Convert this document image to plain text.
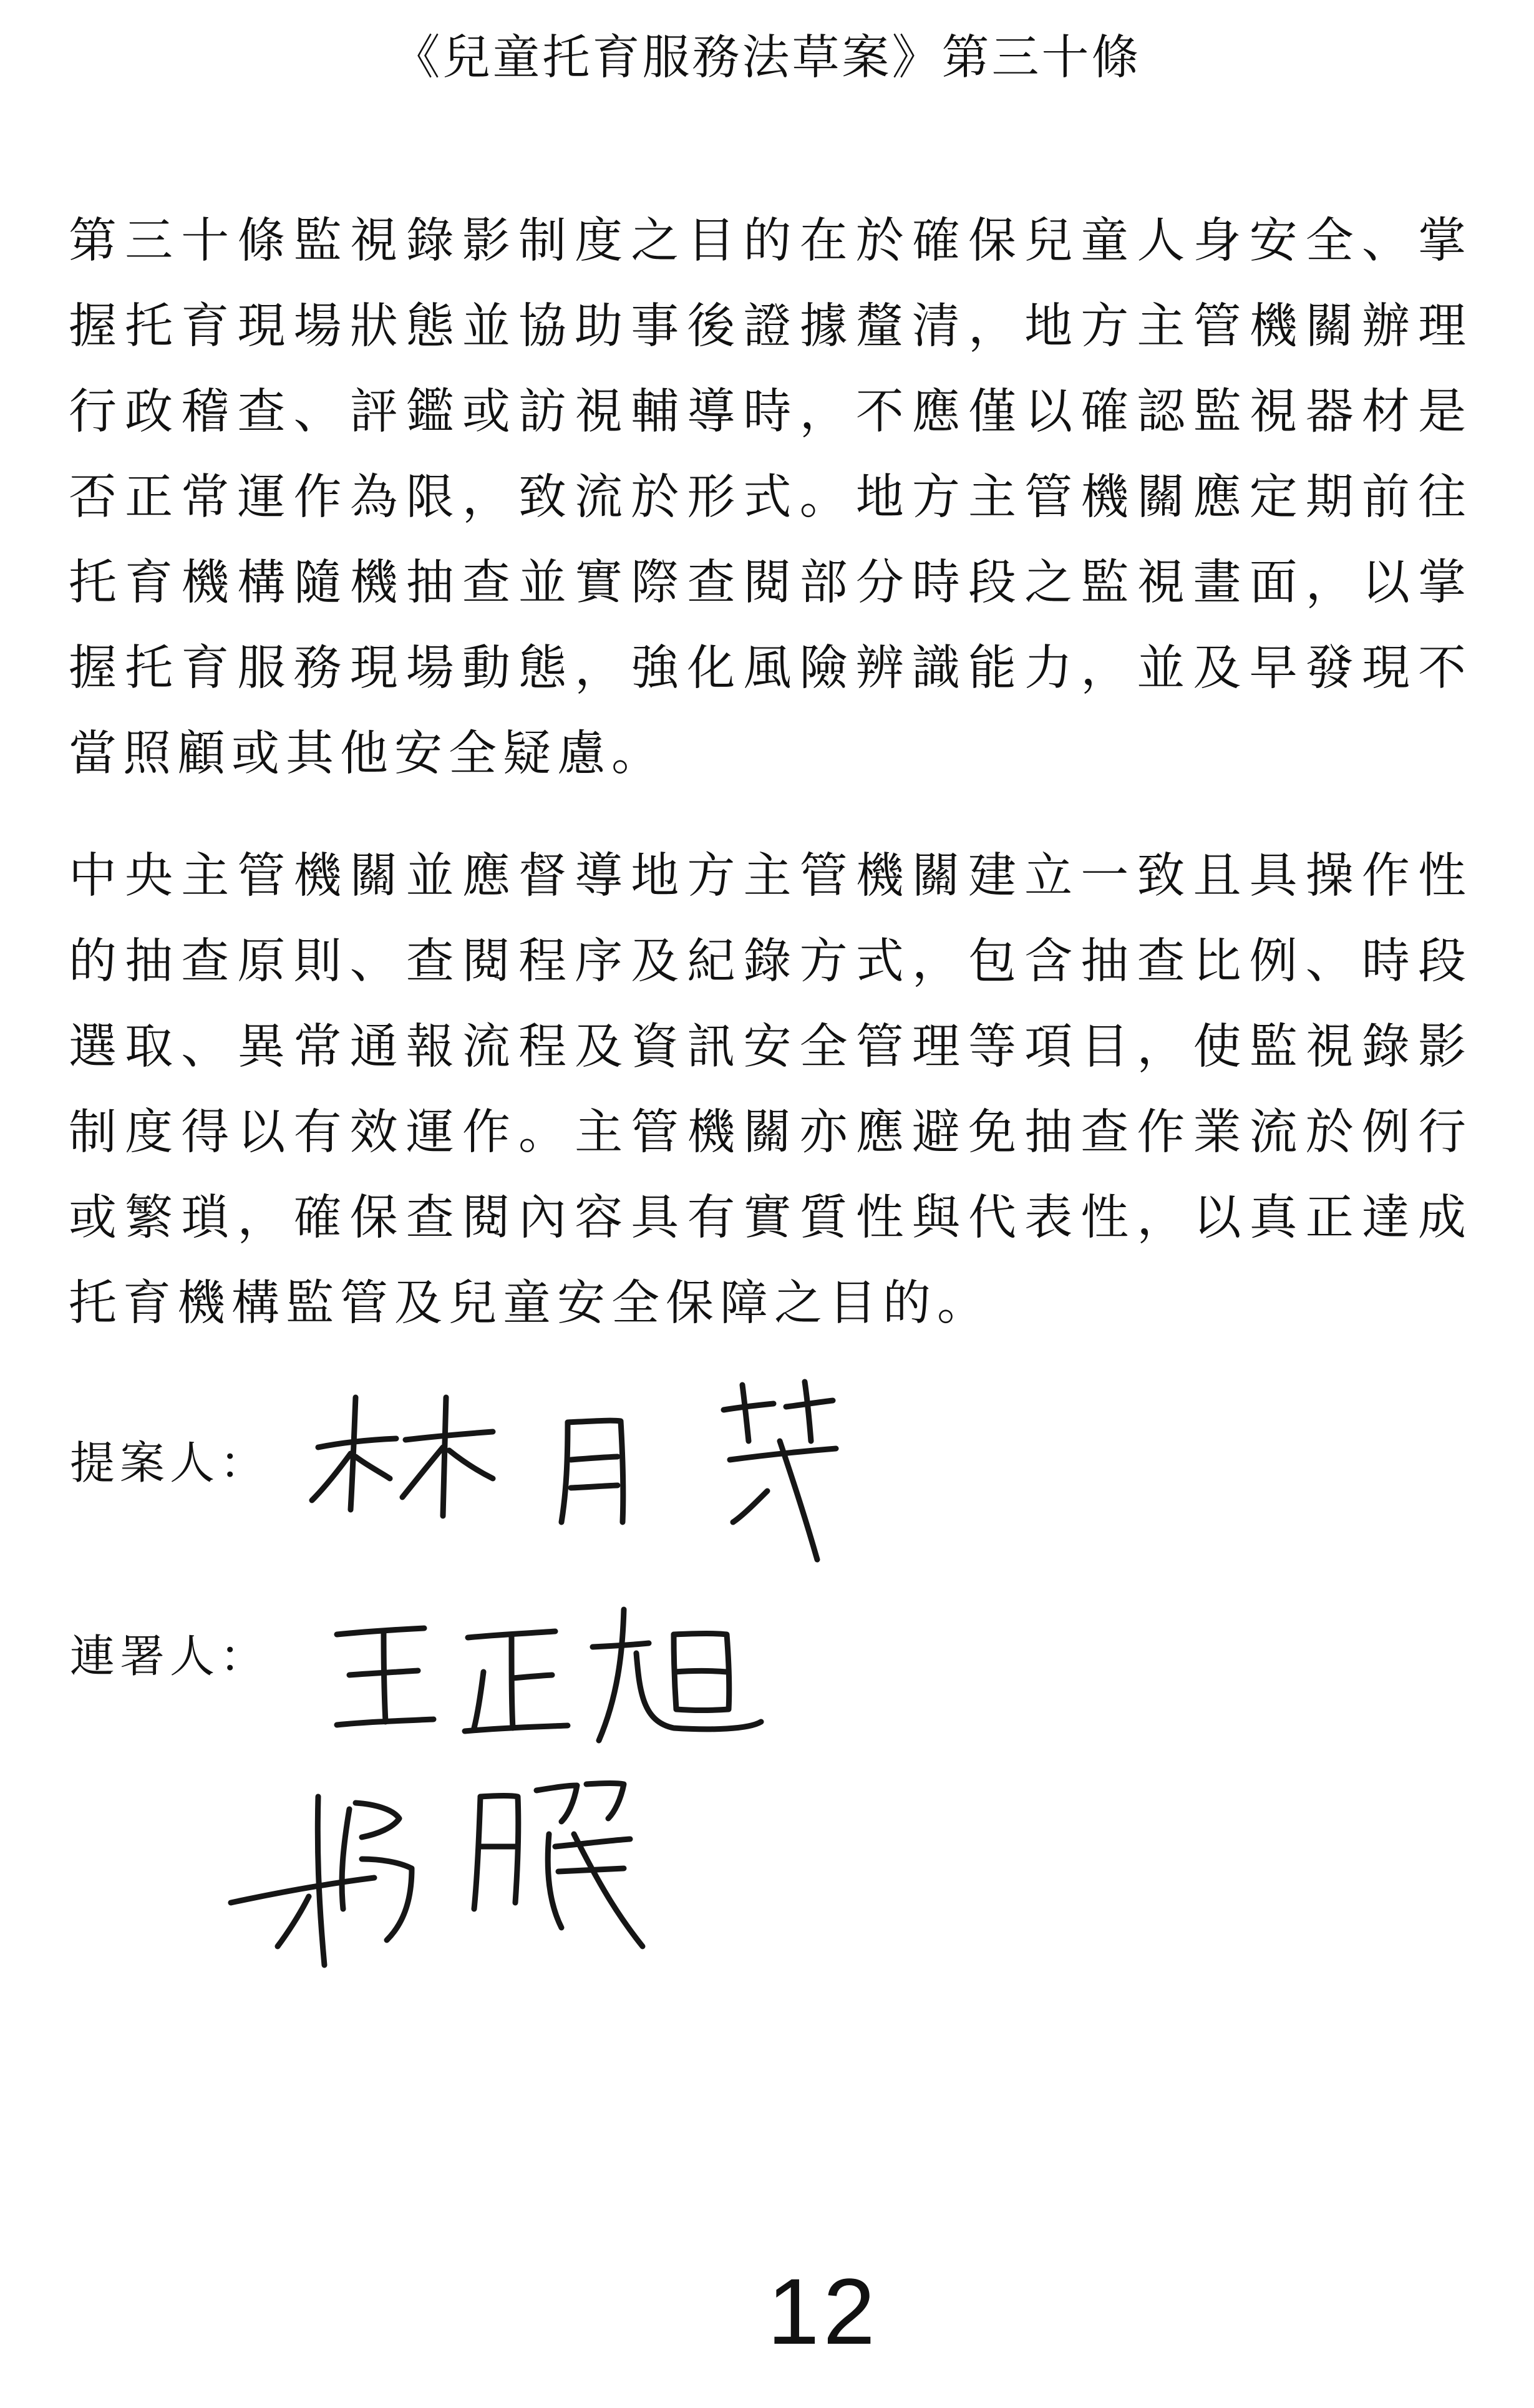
《兒童托育服務法草案》第三十條
第三十條監視錄影制度之目的在於確保兒童人身安全、掌握托育現場狀態並協助事後證據釐清，地方主管機關辦理行政稽查、評鑑或訪視輔導時，不應僅以確認監視器材是否正常運作為限，致流於形式。地方主管機關應定期前往托育機構隨機抽查並實際查閱部分時段之監視畫面，以掌握托育服務現場動態，強化風險辨識能力，並及早發現不當照顧或其他安全疑慮。
中央主管機關並應督導地方主管機關建立一致且具操作性的抽查原則、查閱程序及紀錄方式，包含抽查比例、時段選取、異常通報流程及資訊安全管理等項目，使監視錄影制度得以有效運作。主管機關亦應避免抽查作業流於例行或繁瑣，確保查閱內容具有實質性與代表性，以真正達成托育機構監管及兒童安全保障之目的。
提案人：
連署人：
12
